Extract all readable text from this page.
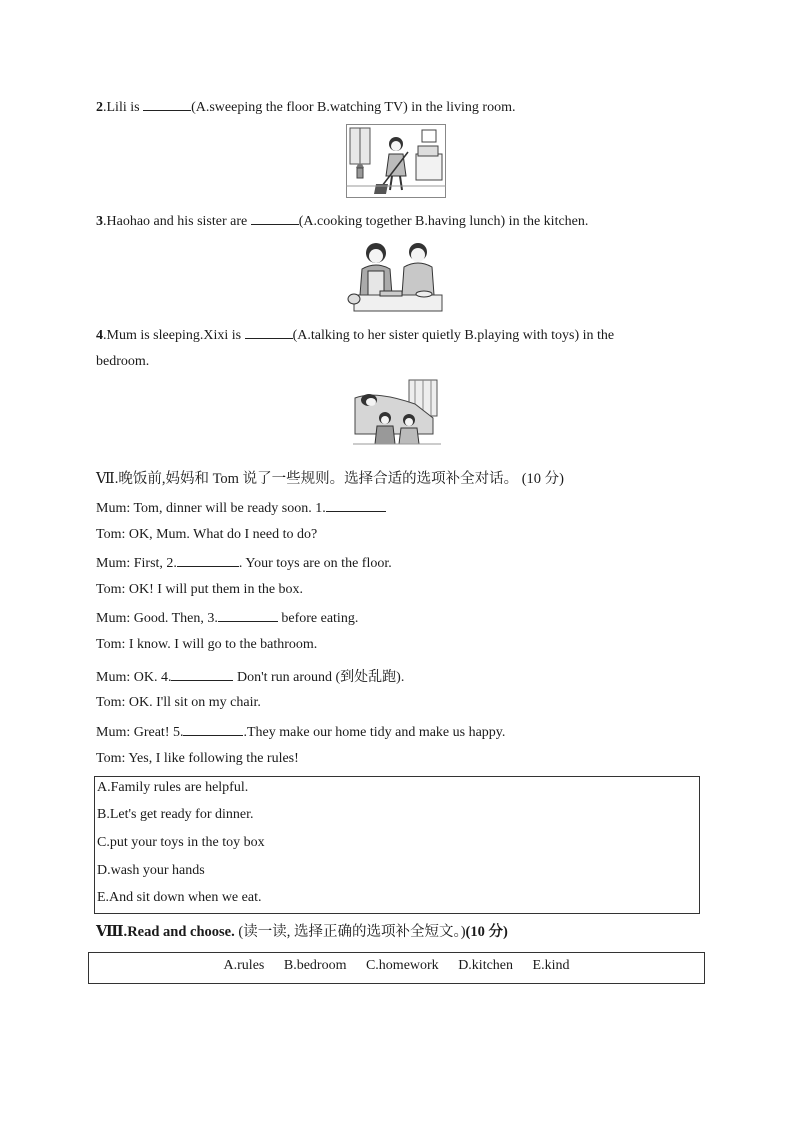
2.Lili is	(A.sweeping the floor B.watching TV) in the living room.
3.Haohao and his sister are	(A.cooking together B.having lunch) in the kitchen.
4.Mum is sleeping.Xixi is	(A.talking to her sister quietly B.playing with toys) in the
bedroom.
Ⅶ.晚饭前,妈妈和 Tom 说了一些规则。选择合适的选项补全对话。 (10 分)
Mum: Tom, dinner will be ready soon. 1.
Tom: OK, Mum. What do I need to do?
Mum: First, 2.	. Your toys are on the floor.
Tom: OK! I will put them in the box.
Mum: Good. Then, 3.	before eating.
Tom: I know. I will go to the bathroom.
Mum: OK. 4.	Don't run around (到处乱跑).
Tom: OK. I'll sit on my chair.
Mum: Great! 5.	.They make our home tidy and make us happy.
Tom: Yes, I like following the rules!
A.Family rules are helpful.
B.Let's get ready for dinner.
C.put your toys in the toy box
D.wash your hands
E.And sit down when we eat.
Ⅷ.Read and choose. (读一读, 选择正确的选项补全短文。)(10 分)
A.rules B.bedroom C.homework D.kitchen E.kind
